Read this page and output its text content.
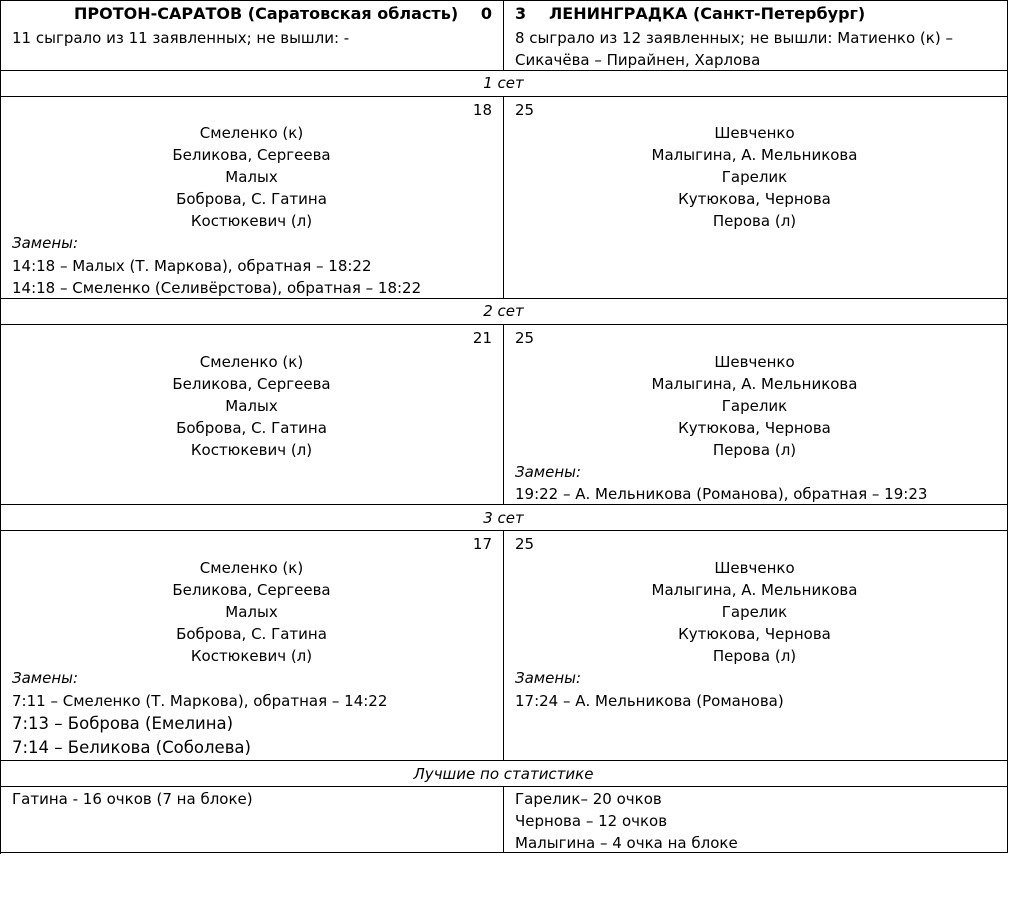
ПРОТОН-САРАТОВ (Саратовская область)	0
11 сыграло из 11 заявленных; не вышли: -
3 ЛЕНИНГРАДКА (Санкт-Петербург)
8 сыграло из 12 заявленных; не вышли: Матиенко (к) –
Сикачёва – Пирайнен, Харлова
1 сет
18 25
Смеленко (к)
Беликова, Сергеева
Малых
Боброва, С. Гатина
Костюкевич (л)
Шевченко
Малыгина, А. Мельникова
Гарелик
Кутюкова, Чернова
Перова (л)
Замены:
14:18 – Малых (Т. Маркова), обратная – 18:22
14:18 – Смеленко (Селивёрстова), обратная – 18:22
2 сет
21 25
Смеленко (к)
Беликова, Сергеева
Малых
Боброва, С. Гатина
Костюкевич (л)
Шевченко
Малыгина, А. Мельникова
Гарелик
Кутюкова, Чернова
Перова (л)
Замены:
19:22 – А. Мельникова (Романова), обратная – 19:23
3 сет
17 25
Смеленко (к)
Беликова, Сергеева
Малых
Боброва, С. Гатина
Костюкевич (л)
Шевченко
Малыгина, А. Мельникова
Гарелик
Кутюкова, Чернова
Перова (л)
Замены:
7:11 – Смеленко (Т. Маркова), обратная – 14:22
7:13 – Боброва (Емелина)
7:14 – Беликова (Соболева)
Замены:
17:24 – А. Мельникова (Романова)
Лучшие по статистике
Гатина - 16 очков (7 на блоке)	Гарелик– 20 очков
Чернова – 12 очков
Малыгина – 4 очка на блоке
